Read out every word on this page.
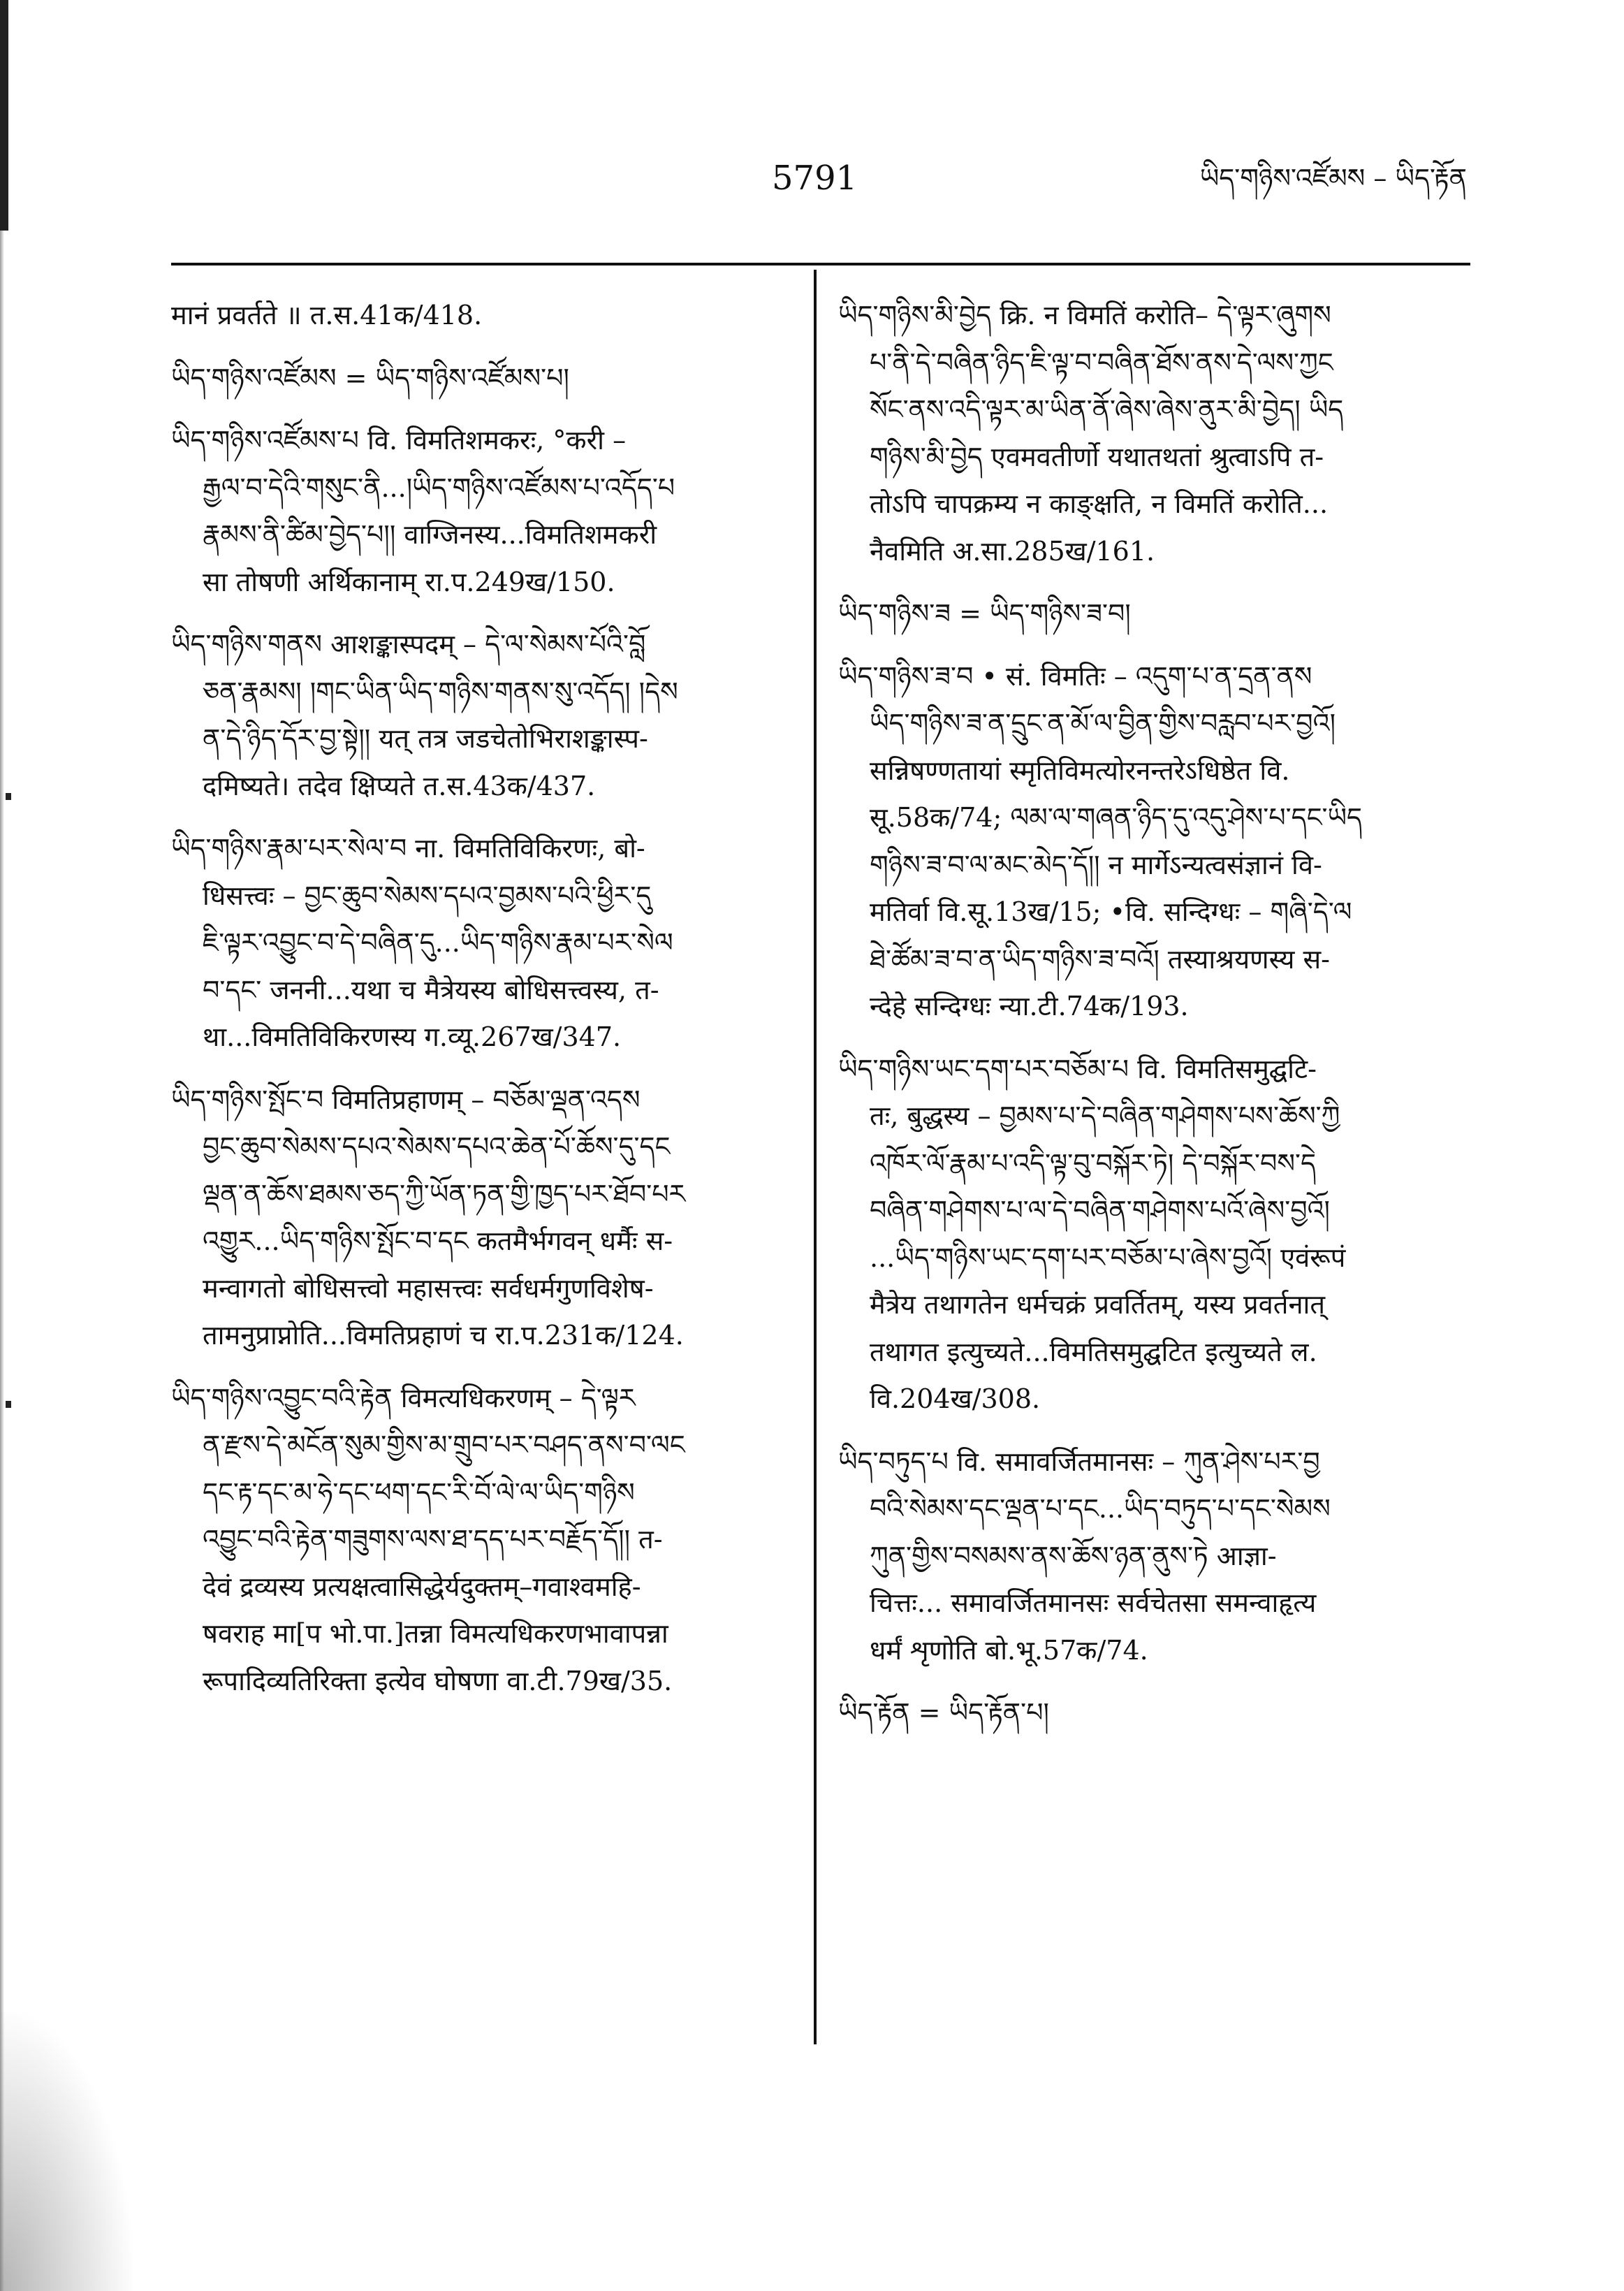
5791	ཡིད་གཉིས་འཛོམས – ཡིད་རྟོན
मानं प्रवर्तते ॥ त.स.41क/418.
ཡིད་གཉིས་འཛོམས = ཡིད་གཉིས་འཛོམས་པ།
ཡིད་གཉིས་འཛོམས་པ वि. विमतिशमकरः, °करी –
རྒྱལ་བ་དེའི་གསུང་ནི...།ཡིད་གཉིས་འཛོམས་པ་འདོད་པ
རྣམས་ནི་ཚིམ་བྱེད་པ།། वाग्जिनस्य...विमतिशमकरी
सा तोषणी अर्थिकानाम् रा.प.249ख/150.
ཡིད་གཉིས་གནས आशङ्कास्पदम् – དེ་ལ་སེམས་པོའི་བློ
ཅན་རྣམས། །གང་ཡིན་ཡིད་གཉིས་གནས་སུ་འདོད། །དེས
ན་དེ་ཉིད་དོར་བྱ་སྟེ།། यत् तत्र जडचेतोभिराशङ्कास्प-
दमिष्यते। तदेव क्षिप्यते त.स.43क/437.
ཡིད་གཉིས་རྣམ་པར་སེལ་བ ना. विमतिविकिरणः, बो-
धिसत्त्वः – བྱང་ཆུབ་སེམས་དཔའ་བྱམས་པའི་ཕྱིར་དུ
ཇི་ལྟར་འབྱུང་བ་དེ་བཞིན་དུ...ཡིད་གཉིས་རྣམ་པར་སེལ
བ་དང་ जननी...यथा च मैत्रेयस्य बोधिसत्त्वस्य, त-
था...विमतिविकिरणस्य ग.व्यू.267ख/347.
ཡིད་གཉིས་སྤོང་བ विमतिप्रहाणम् – བཅོམ་ལྡན་འདས
བྱང་ཆུབ་སེམས་དཔའ་སེམས་དཔའ་ཆེན་པོ་ཆོས་དུ་དང
ལྡན་ན་ཆོས་ཐམས་ཅད་ཀྱི་ཡོན་ཏན་གྱི་ཁྱད་པར་ཐོབ་པར
འགྱུར...ཡིད་གཉིས་སྤོང་བ་དང कतमैर्भगवन् धर्मैः स-
मन्वागतो बोधिसत्त्वो महासत्त्वः सर्वधर्मगुणविशेष-
तामनुप्राप्नोति...विमतिप्रहाणं च रा.प.231क/124.
ཡིད་གཉིས་འབྱུང་བའི་རྟེན विमत्यधिकरणम् – དེ་ལྟར
ན་རྫས་དེ་མངོན་སུམ་གྱིས་མ་གྲུབ་པར་བཤད་ནས་བ་ལང
དང་རྟ་དང་མ་ཧེ་དང་ཕག་དང་རི་བོ་ལེ་ལ་ཡིད་གཉིས
འབྱུང་བའི་རྟེན་གཟུགས་ལས་ཐ་དད་པར་བརྗོད་དོ།། त-
देवं द्रव्यस्य प्रत्यक्षत्वासिद्धेर्यदुक्तम्–गवाश्वमहि-
षवराह मा[प भो.पा.]तन्ना विमत्यधिकरणभावापन्ना
रूपादिव्यतिरिक्ता इत्येव घोषणा वा.टी.79ख/35.
ཡིད་གཉིས་མི་བྱེད क्रि. न विमतिं करोति– དེ་ལྟར་ཞུགས
པ་ནི་དེ་བཞིན་ཉིད་ཇི་ལྟ་བ་བཞིན་ཐོས་ནས་དེ་ལས་ཀྱང
སོང་ནས་འདི་ལྟར་མ་ཡིན་ནོ་ཞེས་ཞེས་ནུར་མི་བྱེད། ཡིད
གཉིས་མི་བྱེད एवमवतीर्णो यथातथतां श्रुत्वाऽपि त-
तोऽपि चापक्रम्य न काङ्क्षति, न विमतिं करोति...
नैवमिति अ.सा.285ख/161.
ཡིད་གཉིས་ཟ = ཡིད་གཉིས་ཟ་བ།
ཡིད་གཉིས་ཟ་བ • सं. विमतिः – འདུག་པ་ན་དྲན་ནས
ཡིད་གཉིས་ཟ་ན་དྲུང་ན་མོ་ལ་བྱིན་གྱིས་བརླབ་པར་བྱའོ།
सन्निषण्णतायां स्मृतिविमत्योरनन्तरेऽधिष्ठेत वि.
सू.58क/74; ལམ་ལ་གཞན་ཉིད་དུ་འདུ་ཤེས་པ་དང་ཡིད
གཉིས་ཟ་བ་ལ་མང་མེད་དོ།། न मार्गेऽन्यत्वसंज्ञानं वि-
मतिर्वा वि.सू.13ख/15; •वि. सन्दिग्धः – གཞི་དེ་ལ
ཐེ་ཚོམ་ཟ་བ་ན་ཡིད་གཉིས་ཟ་བའོ། तस्याश्रयणस्य स-
न्देहे सन्दिग्धः न्या.टी.74क/193.
ཡིད་གཉིས་ཡང་དག་པར་བཅོམ་པ वि. विमतिसमुद्घटि-
तः, बुद्धस्य – བྱམས་པ་དེ་བཞིན་གཤེགས་པས་ཆོས་ཀྱི
འཁོར་ལོ་རྣམ་པ་འདི་ལྟ་བུ་བསྐོར་ཏེ། དེ་བསྐོར་བས་དེ
བཞིན་གཤེགས་པ་ལ་དེ་བཞིན་གཤེགས་པའོ་ཞེས་བྱའོ།
...ཡིད་གཉིས་ཡང་དག་པར་བཅོམ་པ་ཞེས་བྱའོ། एवंरूपं
मैत्रेय तथागतेन धर्मचक्रं प्रवर्तितम्, यस्य प्रवर्तनात्
तथागत इत्युच्यते...विमतिसमुद्घटित इत्युच्यते ल.
वि.204ख/308.
ཡིད་བཏུད་པ वि. समावर्जितमानसः – ཀུན་ཤེས་པར་བྱ
བའི་སེམས་དང་ལྡན་པ་དང...ཡིད་བཏུད་པ་དང་སེམས
ཀུན་གྱིས་བསམས་ནས་ཆོས་ཉན་ནུས་ཏེ आज्ञा-
चित्तः... समावर्जितमानसः सर्वचेतसा समन्वाहृत्य
धर्मं शृणोति बो.भू.57क/74.
ཡིད་རྟོན = ཡིད་རྟོན་པ།
